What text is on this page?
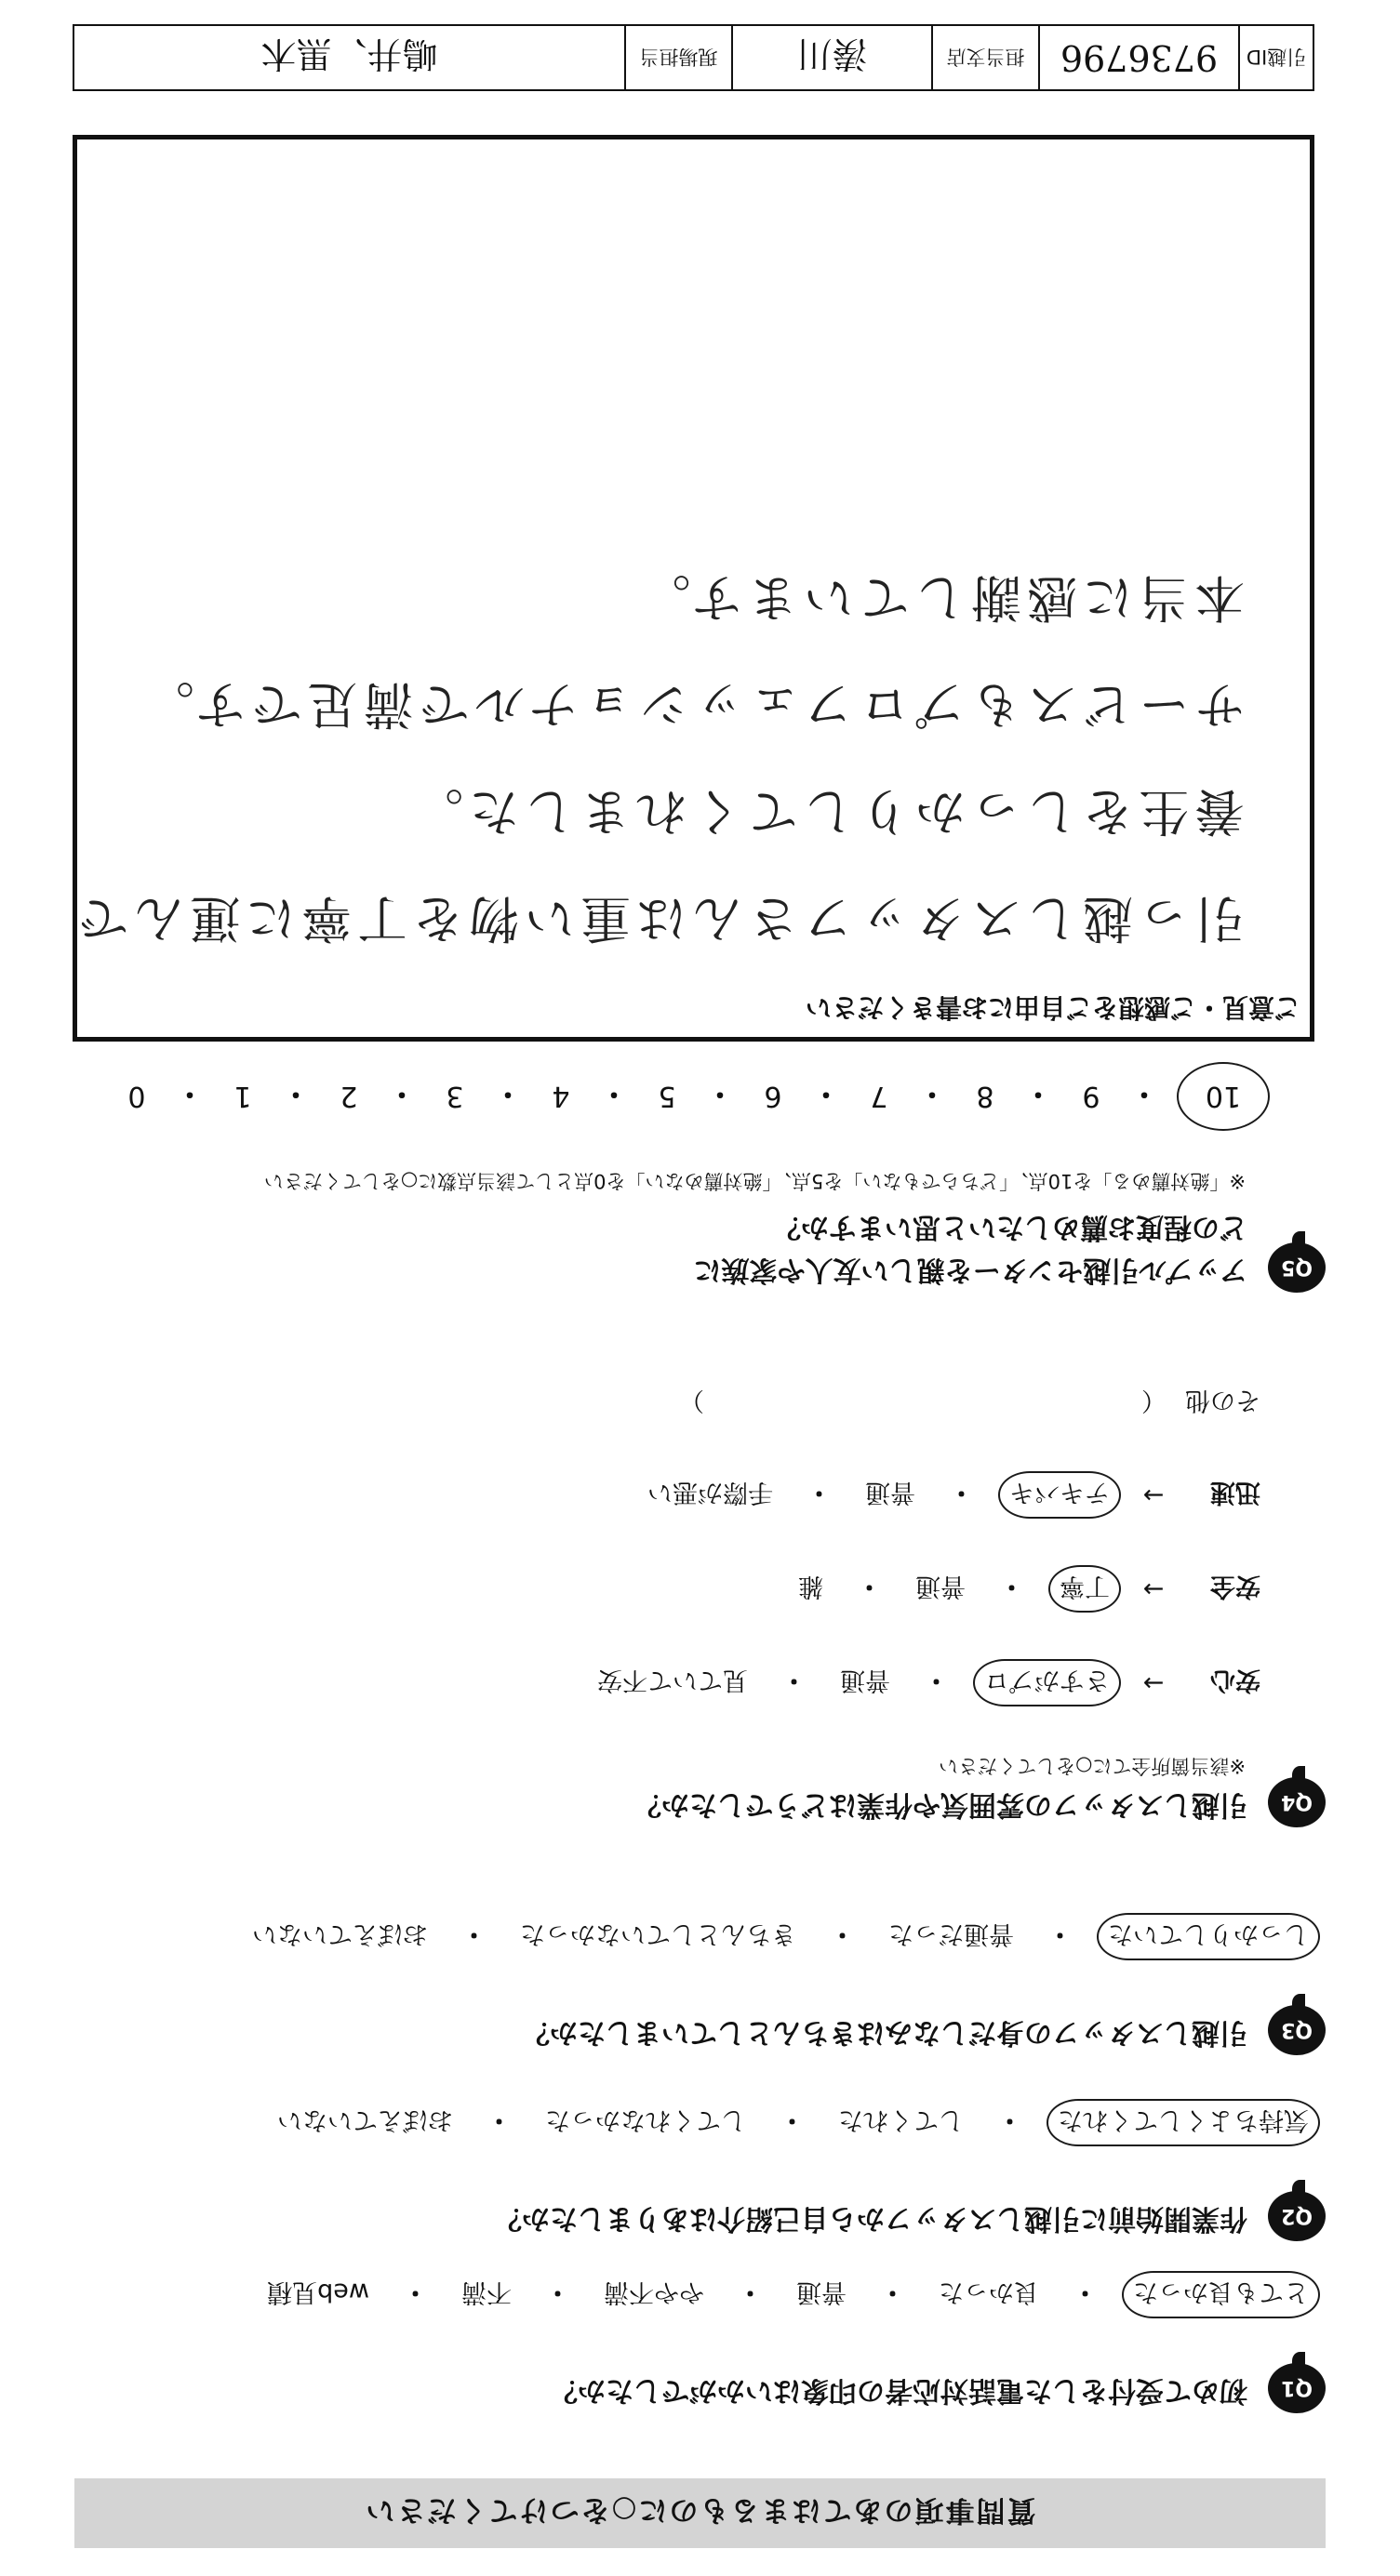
質問事項のあてはまるものに○をつけてください
Q1
初めて受付をした電話対応者の印象はいかがでしたか？
とても良かった
・
良かった
・
普通
・
やや不満
・
不満
・
web見積
Q2
作業開始前に引越しスタッフから自己紹介はありましたか？
気持ちよくしてくれた
・
してくれた
・
してくれなかった
・
おぼえていない
Q3
引越しスタッフの身だしなみはきちんとしていましたか？
しっかりしていた
・
普通だった
・
きちんとしていなかった
・
おぼえていない
Q4
引越しスタッフの雰囲気や作業はどうでしたか？
※該当箇所全てに○をしてください
安心
→
さすがプロ
・
普通
・
見ていて不安
安全
→
丁寧
・
普通
・
雑
迅速
→
テキパキ
・
普通
・
手際が悪い
その他
（
）
Q5
アップル引越センターを親しい友人や家族に
どの程度お薦めしたいと思いますか？
※「絶対薦める」を10点、「どちらでもない」を5点、「絶対薦めない」を0点として該当点数に○をしてください
10
・
9
・
8
・
7
・
6
・
5
・
4
・
3
・
2
・
1
・
0
ご意見・ご感想をご自由にお書きください
引っ越しスタッフさんは重い物を丁寧に運んで
養生をしっかりしてくれました。
サービスもプロフェッショナルで満足です。
本当に感謝しています。
引越ID
9736796
担当支店
湊川
現場担当
嶋井、黒木
